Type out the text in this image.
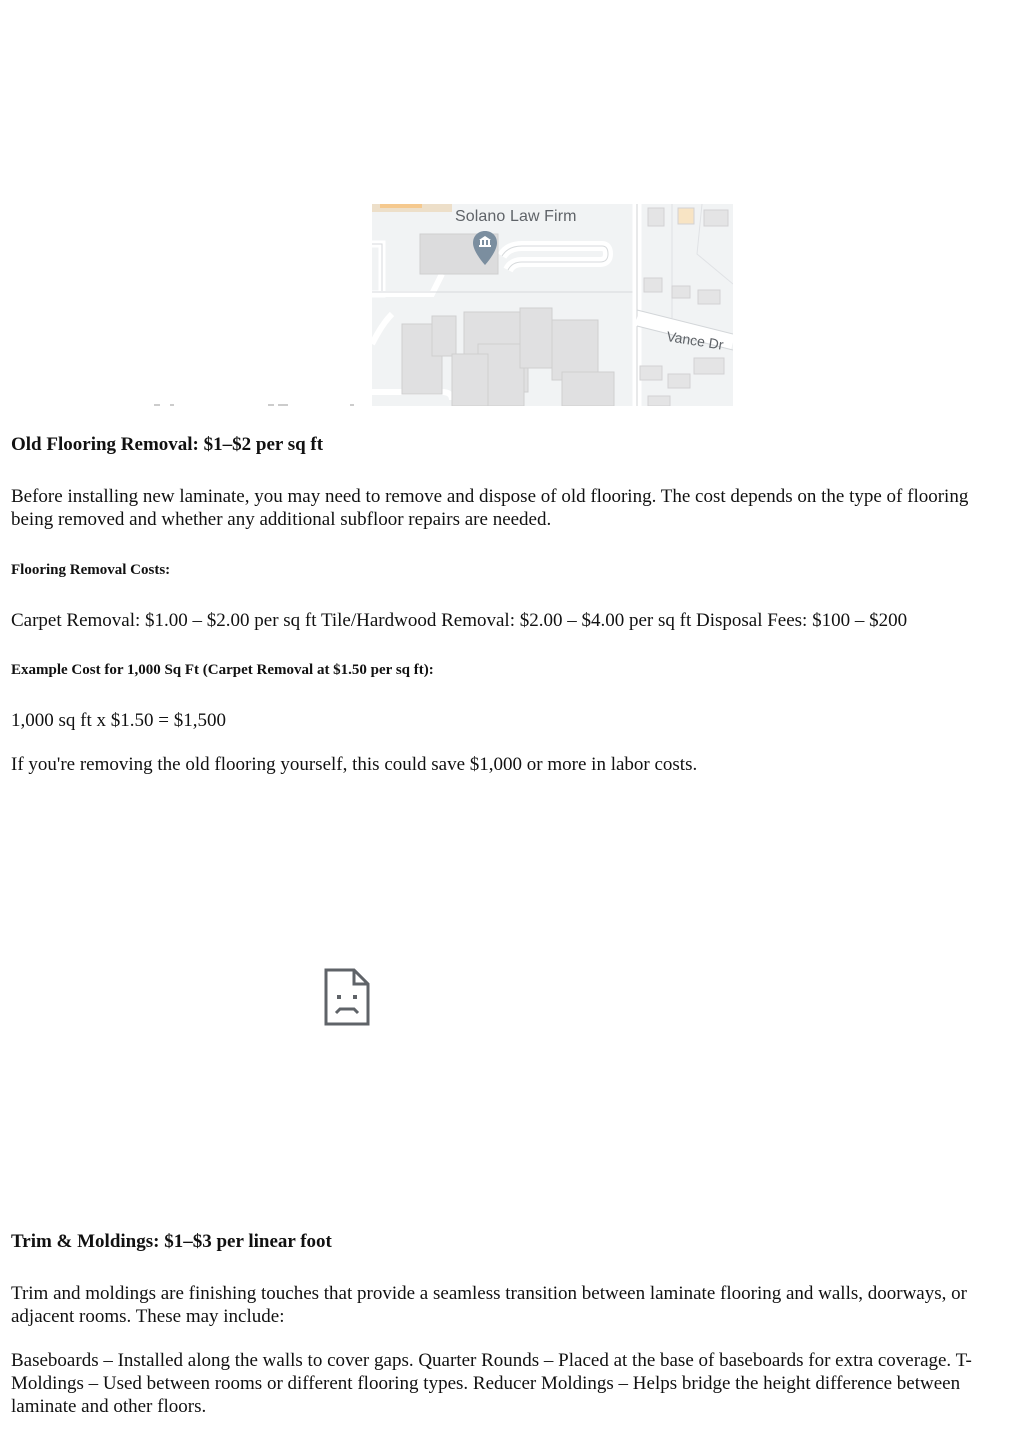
Solano Law Firm
Vance Dr
Old Flooring Removal: $1–$2 per sq ft

Before installing new laminate, you may need to remove and dispose of old flooring. The cost depends on the type of flooring being removed and whether any additional subfloor repairs are needed.

Flooring Removal Costs:

Carpet Removal: $1.00 – $2.00 per sq ft Tile/Hardwood Removal: $2.00 – $4.00 per sq ft Disposal Fees: $100 – $200

Example Cost for 1,000 Sq Ft (Carpet Removal at $1.50 per sq ft):

1,000 sq ft x $1.50 = $1,500

If you're removing the old flooring yourself, this could save $1,000 or more in labor costs.

Trim & Moldings: $1–$3 per linear foot

Trim and moldings are finishing touches that provide a seamless transition between laminate flooring and walls, doorways, or adjacent rooms. These may include:

Baseboards – Installed along the walls to cover gaps. Quarter Rounds – Placed at the base of baseboards for extra coverage. T-Moldings – Used between rooms or different flooring types. Reducer Moldings – Helps bridge the height difference between laminate and other floors.
